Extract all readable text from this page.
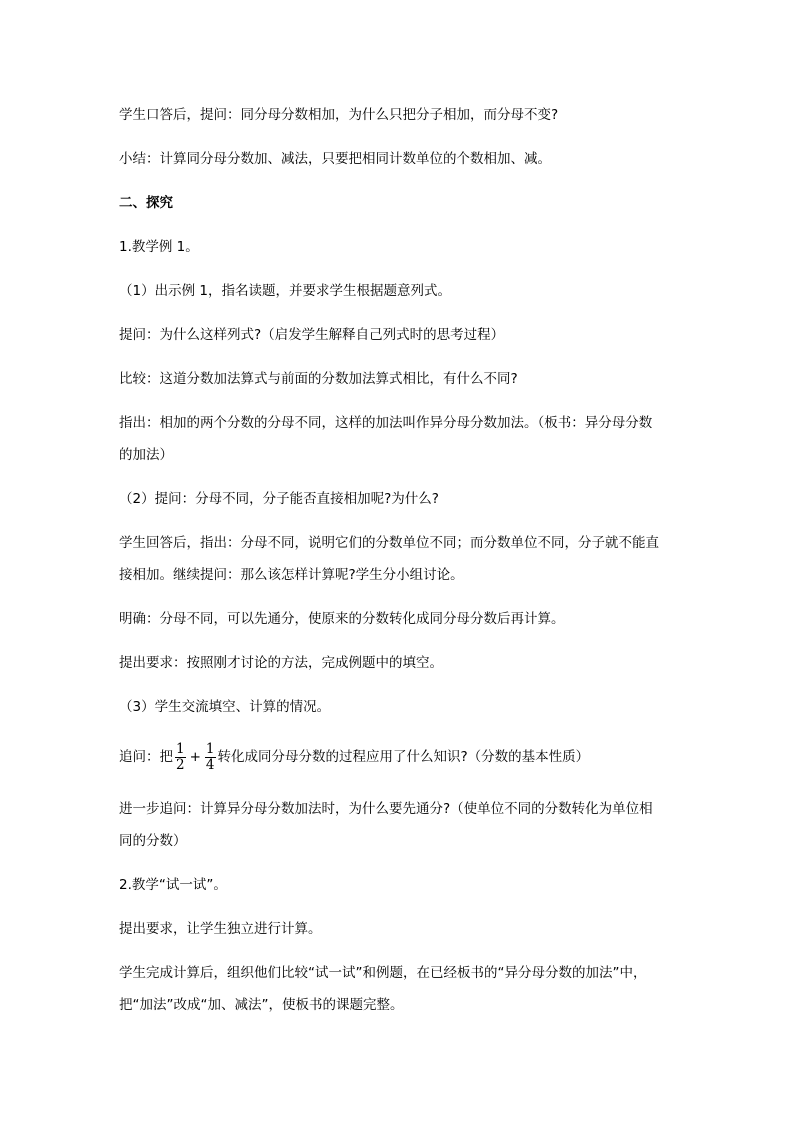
学生口答后，提问：同分母分数相加，为什么只把分子相加，而分母不变?
小结：计算同分母分数加、减法，只要把相同计数单位的个数相加、减。
二、探究
1.教学例 1。
（1）出示例 1，指名读题，并要求学生根据题意列式。
提问：为什么这样列式?（启发学生解释自己列式时的思考过程）
比较：这道分数加法算式与前面的分数加法算式相比，有什么不同?
指出：相加的两个分数的分母不同，这样的加法叫作异分母分数加法。（板书：异分母分数
的加法）
（2）提问：分母不同，分子能否直接相加呢?为什么?
学生回答后，指出：分母不同，说明它们的分数单位不同；而分数单位不同，分子就不能直
接相加。继续提问：那么该怎样计算呢?学生分小组讨论。
明确：分母不同，可以先通分，使原来的分数转化成同分母分数后再计算。
提出要求：按照刚才讨论的方法，完成例题中的填空。
（3）学生交流填空、计算的情况。
追问：把 $\frac{1}{2} + \frac{1}{4}$ 转化成同分母分数的过程应用了什么知识?（分数的基本性质）
进一步追问：计算异分母分数加法时，为什么要先通分?（使单位不同的分数转化为单位相
同的分数）
2.教学“试一试”。
提出要求，让学生独立进行计算。
学生完成计算后，组织他们比较“试一试”和例题，在已经板书的“异分母分数的加法”中，
把“加法”改成“加、减法”，使板书的课题完整。
